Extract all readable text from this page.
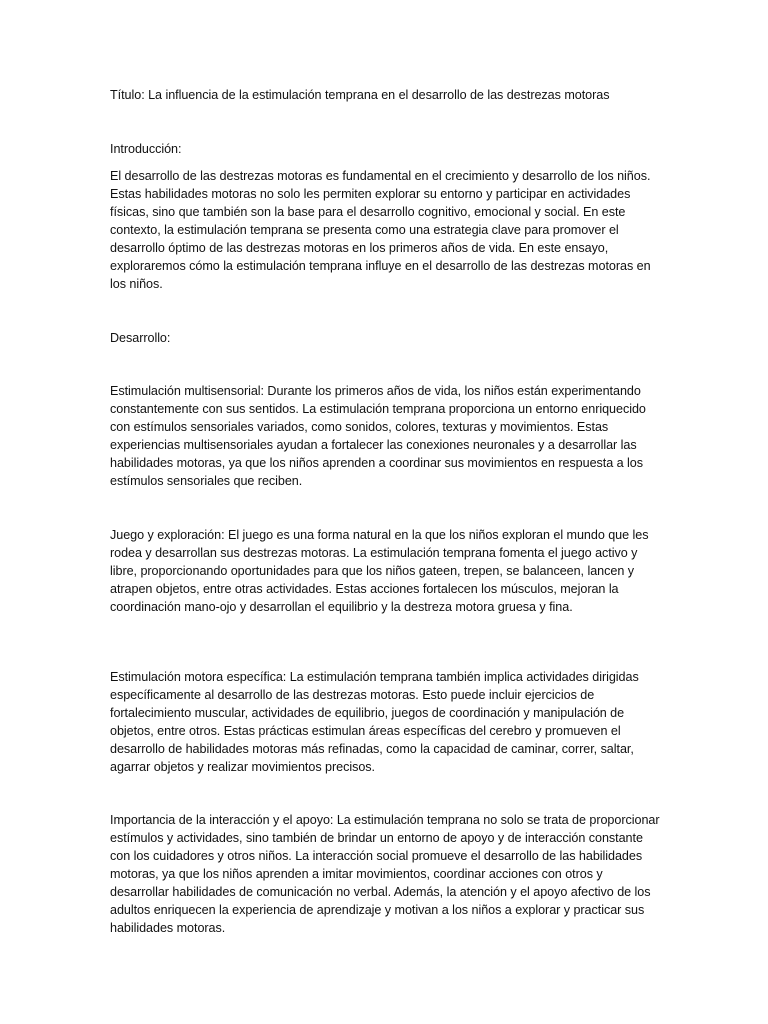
Título: La influencia de la estimulación temprana en el desarrollo de las destrezas motoras

Introducción:

El desarrollo de las destrezas motoras es fundamental en el crecimiento y desarrollo de los niños. Estas habilidades motoras no solo les permiten explorar su entorno y participar en actividades físicas, sino que también son la base para el desarrollo cognitivo, emocional y social. En este contexto, la estimulación temprana se presenta como una estrategia clave para promover el desarrollo óptimo de las destrezas motoras en los primeros años de vida. En este ensayo, exploraremos cómo la estimulación temprana influye en el desarrollo de las destrezas motoras en los niños.

Desarrollo:

Estimulación multisensorial: Durante los primeros años de vida, los niños están experimentando constantemente con sus sentidos. La estimulación temprana proporciona un entorno enriquecido con estímulos sensoriales variados, como sonidos, colores, texturas y movimientos. Estas experiencias multisensoriales ayudan a fortalecer las conexiones neuronales y a desarrollar las habilidades motoras, ya que los niños aprenden a coordinar sus movimientos en respuesta a los estímulos sensoriales que reciben.

Juego y exploración: El juego es una forma natural en la que los niños exploran el mundo que les rodea y desarrollan sus destrezas motoras. La estimulación temprana fomenta el juego activo y libre, proporcionando oportunidades para que los niños gateen, trepen, se balanceen, lancen y atrapen objetos, entre otras actividades. Estas acciones fortalecen los músculos, mejoran la coordinación mano-ojo y desarrollan el equilibrio y la destreza motora gruesa y fina.

Estimulación motora específica: La estimulación temprana también implica actividades dirigidas específicamente al desarrollo de las destrezas motoras. Esto puede incluir ejercicios de fortalecimiento muscular, actividades de equilibrio, juegos de coordinación y manipulación de objetos, entre otros. Estas prácticas estimulan áreas específicas del cerebro y promueven el desarrollo de habilidades motoras más refinadas, como la capacidad de caminar, correr, saltar, agarrar objetos y realizar movimientos precisos.

Importancia de la interacción y el apoyo: La estimulación temprana no solo se trata de proporcionar estímulos y actividades, sino también de brindar un entorno de apoyo y de interacción constante con los cuidadores y otros niños. La interacción social promueve el desarrollo de las habilidades motoras, ya que los niños aprenden a imitar movimientos, coordinar acciones con otros y desarrollar habilidades de comunicación no verbal. Además, la atención y el apoyo afectivo de los adultos enriquecen la experiencia de aprendizaje y motivan a los niños a explorar y practicar sus habilidades motoras.
